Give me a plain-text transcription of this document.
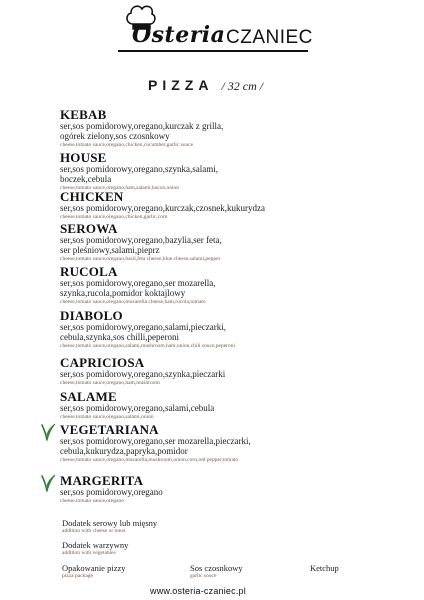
Osteria CZANIEC
PIZZA / 32 cm /
KEBAB
ser,sos pomidorowy,oregano,kurczak z grilla,
ogórek zielony,sos czosnkowy
cheese,tomato sauce,oregano,chicken,cucumber,garlic souce
HOUSE
ser,sos pomidorowy,oregano,szynka,salami,
boczek,cebula
cheese,tomato sauce,oregano,ham,salami,bacon,onion
CHICKEN
ser,sos pomidorowy,oregano,kurczak,czosnek,kukurydza
cheese,tomato sauce,oregano,chicken,garlic,corn
SEROWA
ser,sos pomidorowy,oregano,bazylia,ser feta,
ser pleśniowy,salami,pieprz
cheese,tomato sauce,oregano,basil,feta cheese,blue cheese,salami,pepper
RUCOLA
ser,sos pomidorowy,oregano,ser mozarella,
szynka,rucola,pomidor koktajlowy
cheese,tomato sauce,oregano,mozarella cheese,ham,rucola,tomato
DIABOLO
ser,sos pomidorowy,oregano,salami,pieczarki,
cebula,szynka,sos chilli,peperoni
cheese,tomato sauce,oregano,salami,mushroom,ham,onion,chili souce,peperoni
CAPRICIOSA
ser,sos pomidorowy,oregano,szynka,pieczarki
cheese,tomato sauce,oregano,ham,mushroom
SALAME
ser,sos pomidorowy,oregano,salami,cebula
cheese,tomato sauce,oregano,salami,onion
VEGETARIANA
ser,sos pomidorowy,oregano,ser mozarella,pieczarki,
cebula,kukurydza,papryka,pomidor
cheese,tomato sauce,oregano,mozarella,mushroom,onion,corn,red pepper,tomato
MARGERITA
ser,sos pomidorowy,oregano
cheese,tomato sauce,oregano
Dodatek serowy lub mięsny
addition with cheese or meat
Dodatek warzywny
addition with vegetables
Opakowanie pizzy
pizza package
Sos czosnkowy
garlic souce
Ketchup
www.osteria-czaniec.pl
